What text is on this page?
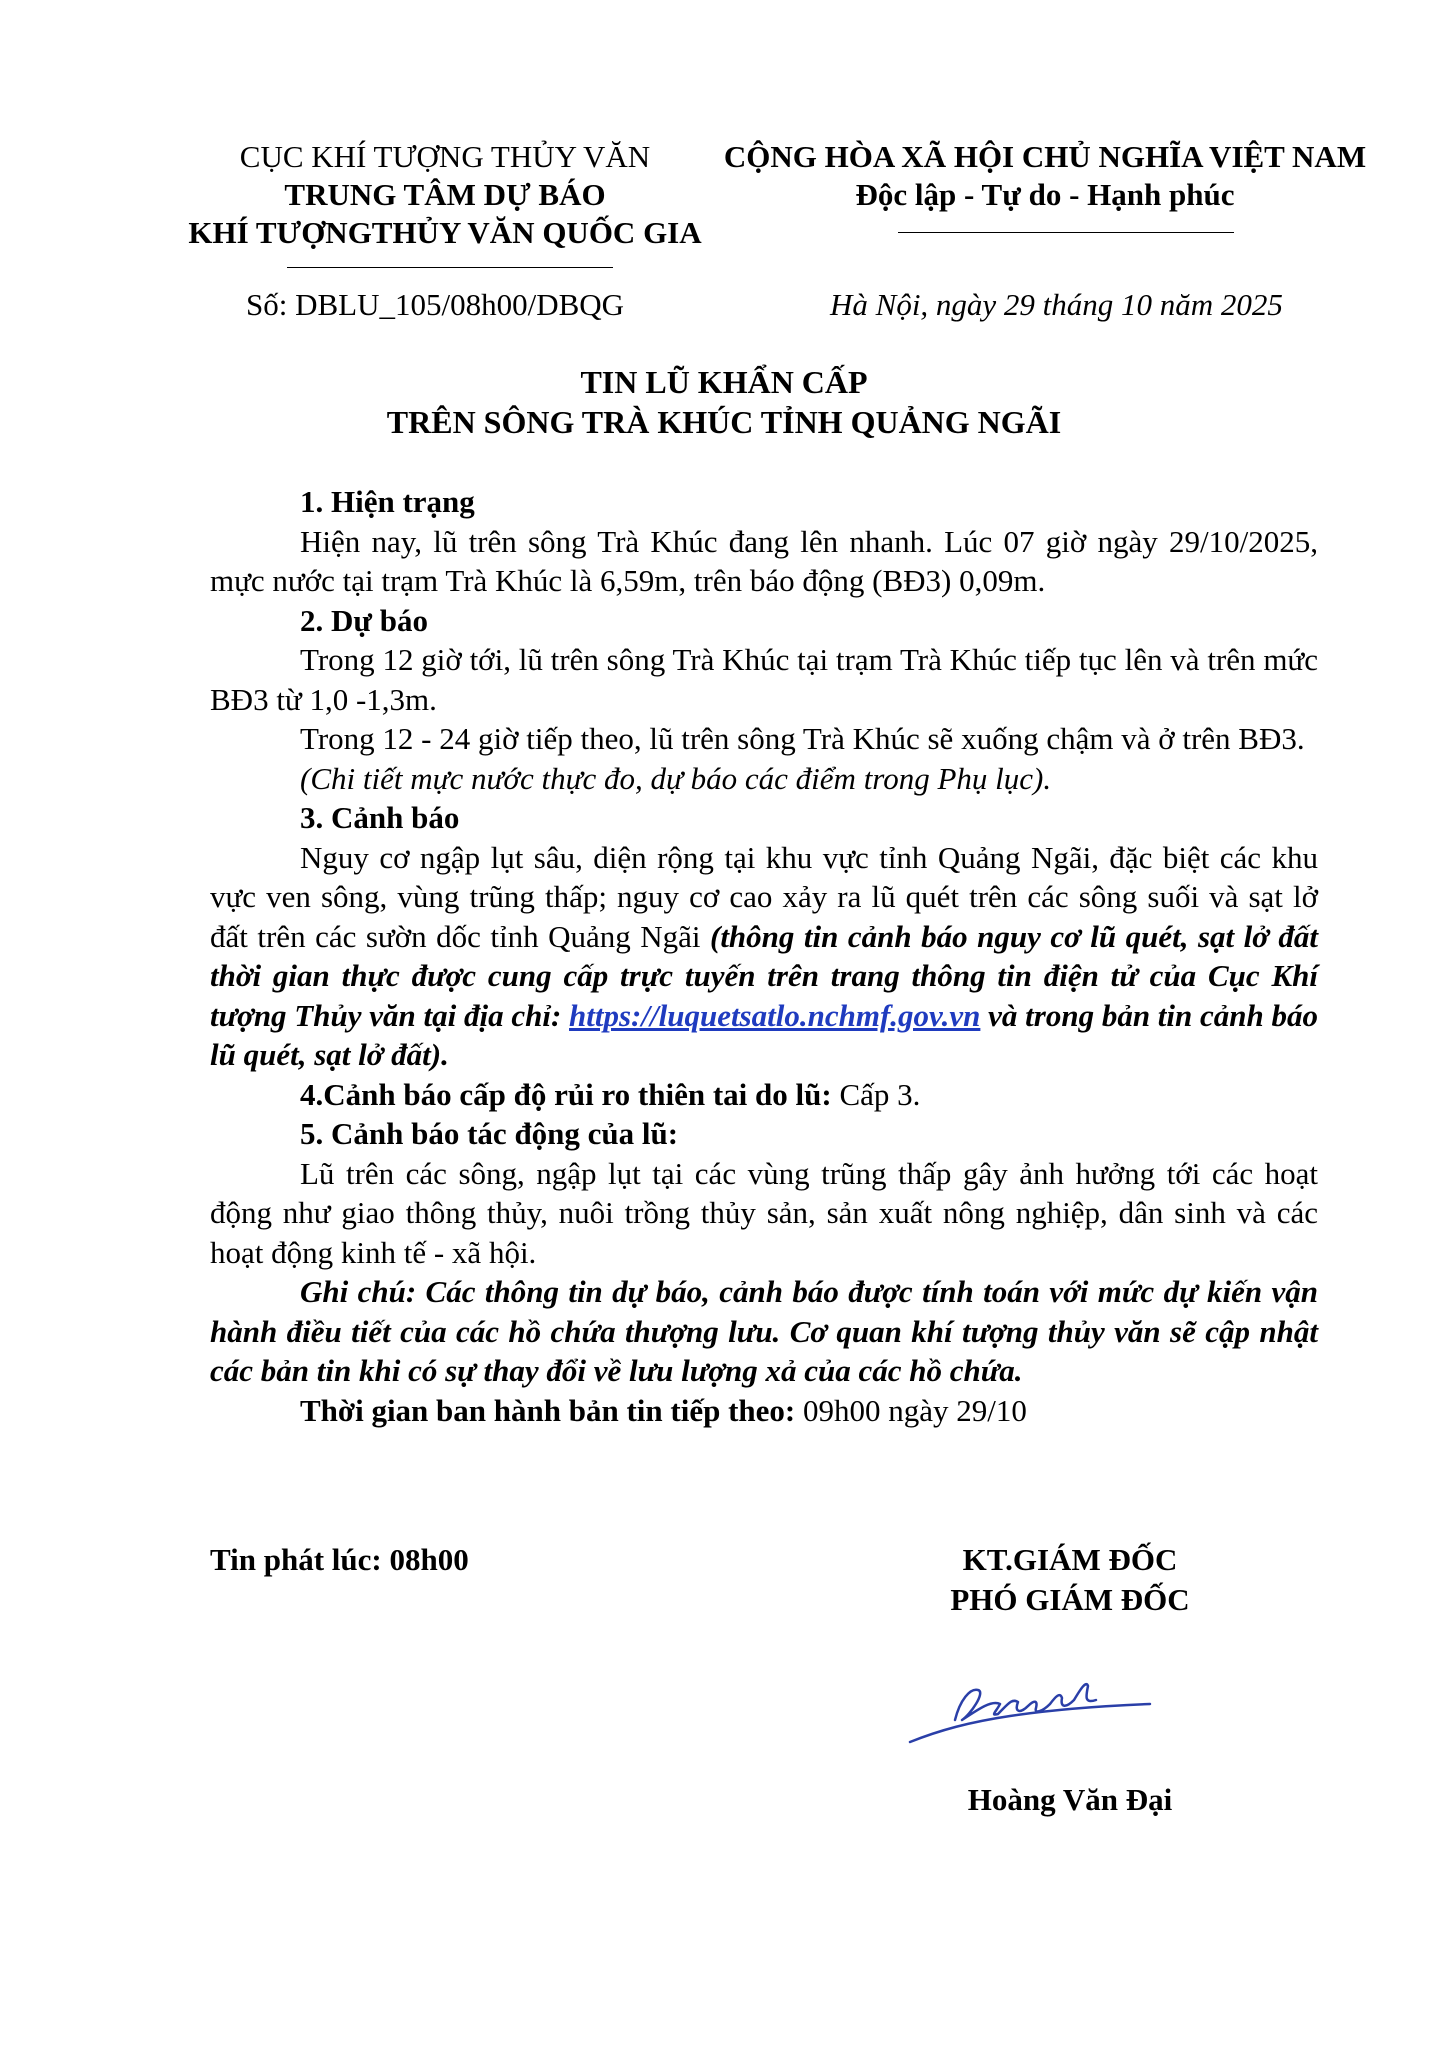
CỤC KHÍ TƯỢNG THỦY VĂN
TRUNG TÂM DỰ BÁO
KHÍ TƯỢNGTHỦY VĂN QUỐC GIA
CỘNG HÒA XÃ HỘI CHỦ NGHĨA VIỆT NAM
Độc lập - Tự do - Hạnh phúc
Số: DBLU_105/08h00/DBQG	Hà Nội, ngày 29 tháng 10 năm 2025
TIN LŨ KHẨN CẤP
TRÊN SÔNG TRÀ KHÚC TỈNH QUẢNG NGÃI

1. Hiện trạng

Hiện nay, lũ trên sông Trà Khúc đang lên nhanh. Lúc 07 giờ ngày 29/10/2025, mực nước tại trạm Trà Khúc là 6,59m, trên báo động (BĐ3) 0,09m.

2. Dự báo

Trong 12 giờ tới, lũ trên sông Trà Khúc tại trạm Trà Khúc tiếp tục lên và trên mức BĐ3 từ 1,0 -1,3m.

Trong 12 - 24 giờ tiếp theo, lũ trên sông Trà Khúc sẽ xuống chậm và ở trên BĐ3.

(Chi tiết mực nước thực đo, dự báo các điểm trong Phụ lục).

3. Cảnh báo

Nguy cơ ngập lụt sâu, diện rộng tại khu vực tỉnh Quảng Ngãi, đặc biệt các khu vực ven sông, vùng trũng thấp; nguy cơ cao xảy ra lũ quét trên các sông suối và sạt lở đất trên các sườn dốc tỉnh Quảng Ngãi (thông tin cảnh báo nguy cơ lũ quét, sạt lở đất thời gian thực được cung cấp trực tuyến trên trang thông tin điện tử của Cục Khí tượng Thủy văn tại địa chỉ: https://luquetsatlo.nchmf.gov.vn và trong bản tin cảnh báo lũ quét, sạt lở đất).

4.Cảnh báo cấp độ rủi ro thiên tai do lũ: Cấp 3.

5. Cảnh báo tác động của lũ:

Lũ trên các sông, ngập lụt tại các vùng trũng thấp gây ảnh hưởng tới các hoạt động như giao thông thủy, nuôi trồng thủy sản, sản xuất nông nghiệp, dân sinh và các hoạt động kinh tế - xã hội.

Ghi chú: Các thông tin dự báo, cảnh báo được tính toán với mức dự kiến vận hành điều tiết của các hồ chứa thượng lưu. Cơ quan khí tượng thủy văn sẽ cập nhật các bản tin khi có sự thay đổi về lưu lượng xả của các hồ chứa.

Thời gian ban hành bản tin tiếp theo: 09h00 ngày 29/10

Tin phát lúc: 08h00	KT.GIÁM ĐỐC
PHÓ GIÁM ĐỐC
Hoàng Văn Đại
